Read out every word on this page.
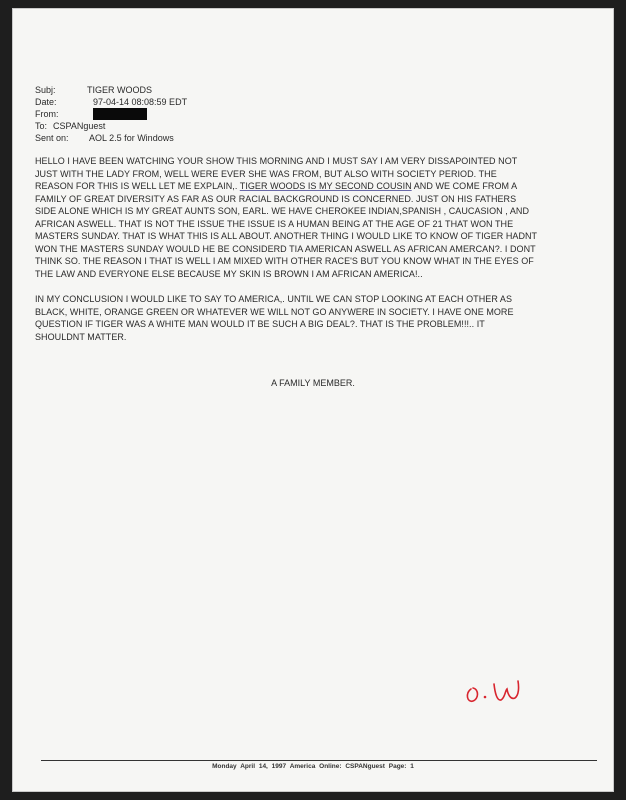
Subj:	TIGER WOODS
Date:	97-04-14 08:08:59 EDT
From:
To: CSPANguest
Sent on: AOL 2.5 for Windows
HELLO I HAVE BEEN WATCHING YOUR SHOW THIS MORNING AND I MUST SAY I AM VERY DISSAPOINTED NOT
JUST WITH THE LADY FROM, WELL WERE EVER SHE WAS FROM, BUT ALSO WITH SOCIETY PERIOD. THE
REASON FOR THIS IS WELL LET ME EXPLAIN,. TIGER WOODS IS MY SECOND COUSIN AND WE COME FROM A
FAMILY OF GREAT DIVERSITY AS FAR AS OUR RACIAL BACKGROUND IS CONCERNED. JUST ON HIS FATHERS
SIDE ALONE WHICH IS MY GREAT AUNTS SON, EARL. WE HAVE CHEROKEE INDIAN,SPANISH , CAUCASION , AND
AFRICAN ASWELL. THAT IS NOT THE ISSUE THE ISSUE IS A HUMAN BEING AT THE AGE OF 21 THAT WON THE
MASTERS SUNDAY. THAT IS WHAT THIS IS ALL ABOUT. ANOTHER THING I WOULD LIKE TO KNOW OF TIGER HADNT
WON THE MASTERS SUNDAY WOULD HE BE CONSIDERD TIA AMERICAN ASWELL AS AFRICAN AMERCAN?. I DONT
THINK SO. THE REASON I THAT IS WELL I AM MIXED WITH OTHER RACE'S BUT YOU KNOW WHAT IN THE EYES OF
THE LAW AND EVERYONE ELSE BECAUSE MY SKIN IS BROWN I AM AFRICAN AMERICA!..
IN MY CONCLUSION I WOULD LIKE TO SAY TO AMERICA,. UNTIL WE CAN STOP LOOKING AT EACH OTHER AS
BLACK, WHITE, ORANGE GREEN OR WHATEVER WE WILL NOT GO ANYWERE IN SOCIETY. I HAVE ONE MORE
QUESTION IF TIGER WAS A WHITE MAN WOULD IT BE SUCH A BIG DEAL?. THAT IS THE PROBLEM!!!.. IT
SHOULDNT MATTER.
A FAMILY MEMBER.
Monday April 14, 1997 America Online: CSPANguest Page: 1
